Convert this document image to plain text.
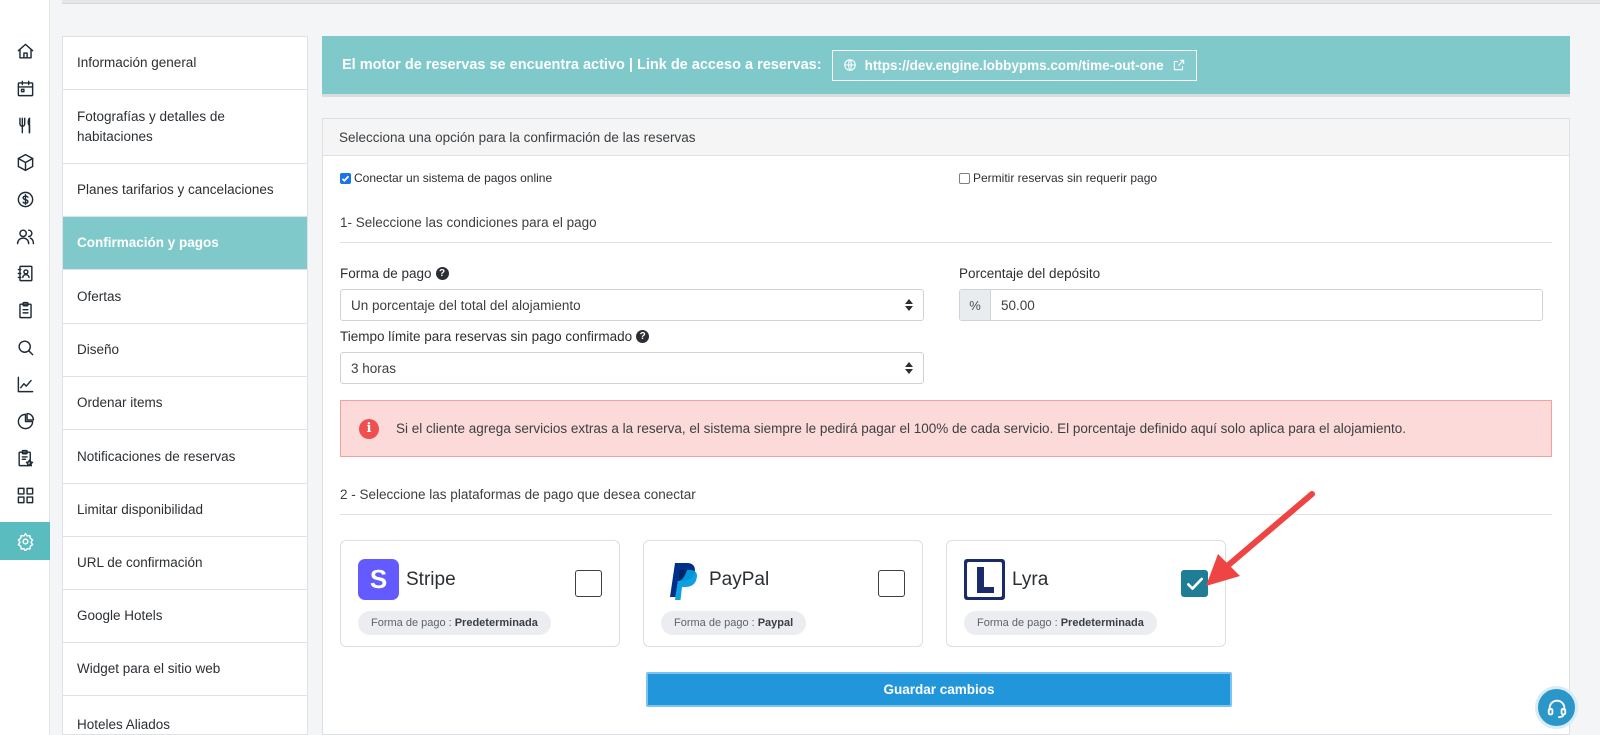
Información general
Fotografías y detalles de habitaciones
Planes tarifarios y cancelaciones
Confirmación y pagos
Ofertas
Diseño
Ordenar items
Notificaciones de reservas
Limitar disponibilidad
URL de confirmación
Google Hotels
Widget para el sitio web
Hoteles Aliados
El motor de reservas se encuentra activo | Link de acceso a reservas:	https://dev.engine.lobbypms.com/time-out-one
Selecciona una opción para la confirmación de las reservas
Conectar un sistema de pagos online	Permitir reservas sin requerir pago
1- Seleccione las condiciones para el pago
Forma de pago ?
Un porcentaje del total del alojamiento
Porcentaje del depósito
%	50.00
Tiempo límite para reservas sin pago confirmado ?
3 horas
i	Si el cliente agrega servicios extras a la reserva, el sistema siempre le pedirá pagar el 100% de cada servicio. El porcentaje definido aquí solo aplica para el alojamiento.
2 - Seleccione las plataformas de pago que desea conectar
S Stripe
Forma de pago : Predeterminada
PayPal
Forma de pago : Paypal
Lyra
Forma de pago : Predeterminada
Guardar cambios
